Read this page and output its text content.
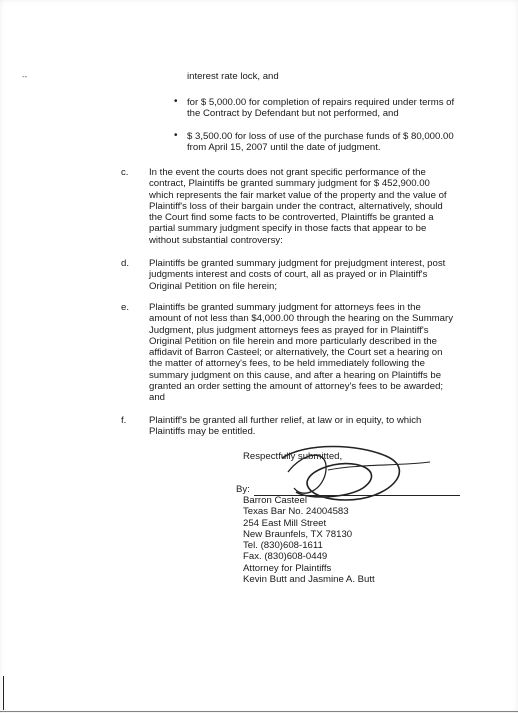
--	interest rate lock, and
• for $ 5,000.00 for completion of repairs required under terms of
the Contract by Defendant but not performed, and
• $ 3,500.00 for loss of use of the purchase funds of $ 80,000.00
from April 15, 2007 until the date of judgment.
c. In the event the courts does not grant specific performance of the
contract, Plaintiffs be granted summary judgment for $ 452,900.00
which represents the fair market value of the property and the value of
Plaintiff's loss of their bargain under the contract, alternatively, should
the Court find some facts to be controverted, Plaintiffs be granted a
partial summary judgment specify in those facts that appear to be
without substantial controversy:
d. Plaintiffs be granted summary judgment for prejudgment interest, post
judgments interest and costs of court, all as prayed or in Plaintiff's
Original Petition on file herein;
e. Plaintiffs be granted summary judgment for attorneys fees in the
amount of not less than $4,000.00 through the hearing on the Summary
Judgment, plus judgment attorneys fees as prayed for in Plaintiff's
Original Petition on file herein and more particularly described in the
affidavit of Barron Casteel; or alternatively, the Court set a hearing on
the matter of attorney's fees, to be held immediately following the
summary judgment on this cause, and after a hearing on Plaintiffs be
granted an order setting the amount of attorney's fees to be awarded;
and
f. Plaintiff's be granted all further relief, at law or in equity, to which
Plaintiffs may be entitled.
Respectfully submitted,
By:
Barron Casteel
Texas Bar No. 24004583
254 East Mill Street
New Braunfels, TX 78130
Tel. (830)608-1611
Fax. (830)608-0449
Attorney for Plaintiffs
Kevin Butt and Jasmine A. Butt
